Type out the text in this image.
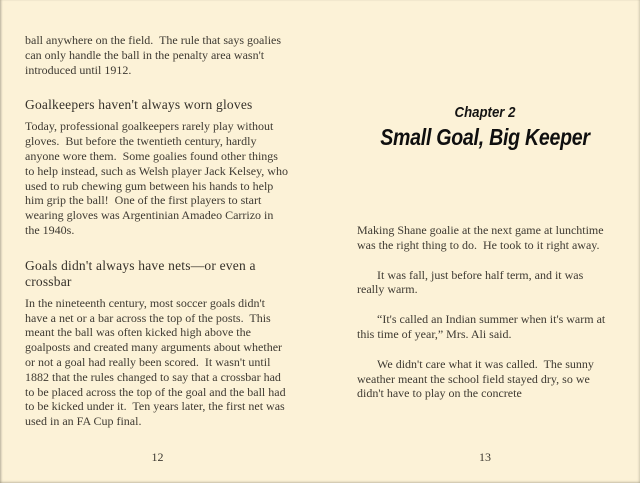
ball anywhere on the field.  The rule that says goalies can only handle the ball in the penalty area wasn't introduced until 1912.

Goalkeepers haven't always worn gloves

Today, professional goalkeepers rarely play without gloves.  But before the twentieth century, hardly anyone wore them.  Some goalies found other things to help instead, such as Welsh player Jack Kelsey, who used to rub chewing gum between his hands to help him grip the ball!  One of the first players to start wearing gloves was Argentinian Amadeo Carrizo in the 1940s.

Goals didn't always have nets—or even a crossbar

In the nineteenth century, most soccer goals didn't have a net or a bar across the top of the posts.  This meant the ball was often kicked high above the goalposts and created many arguments about whether or not a goal had really been scored.  It wasn't until 1882 that the rules changed to say that a crossbar had to be placed across the top of the goal and the ball had to be kicked under it.  Ten years later, the first net was used in an FA Cup final.

Chapter 2
Small Goal, Big Keeper

Making Shane goalie at the next game at lunchtime was the right thing to do.  He took to it right away.

It was fall, just before half term, and it was really warm.

“It's called an Indian summer when it's warm at this time of year,” Mrs. Ali said.

We didn't care what it was called.  The sunny weather meant the school field stayed dry, so we didn't have to play on the concrete

12	13
